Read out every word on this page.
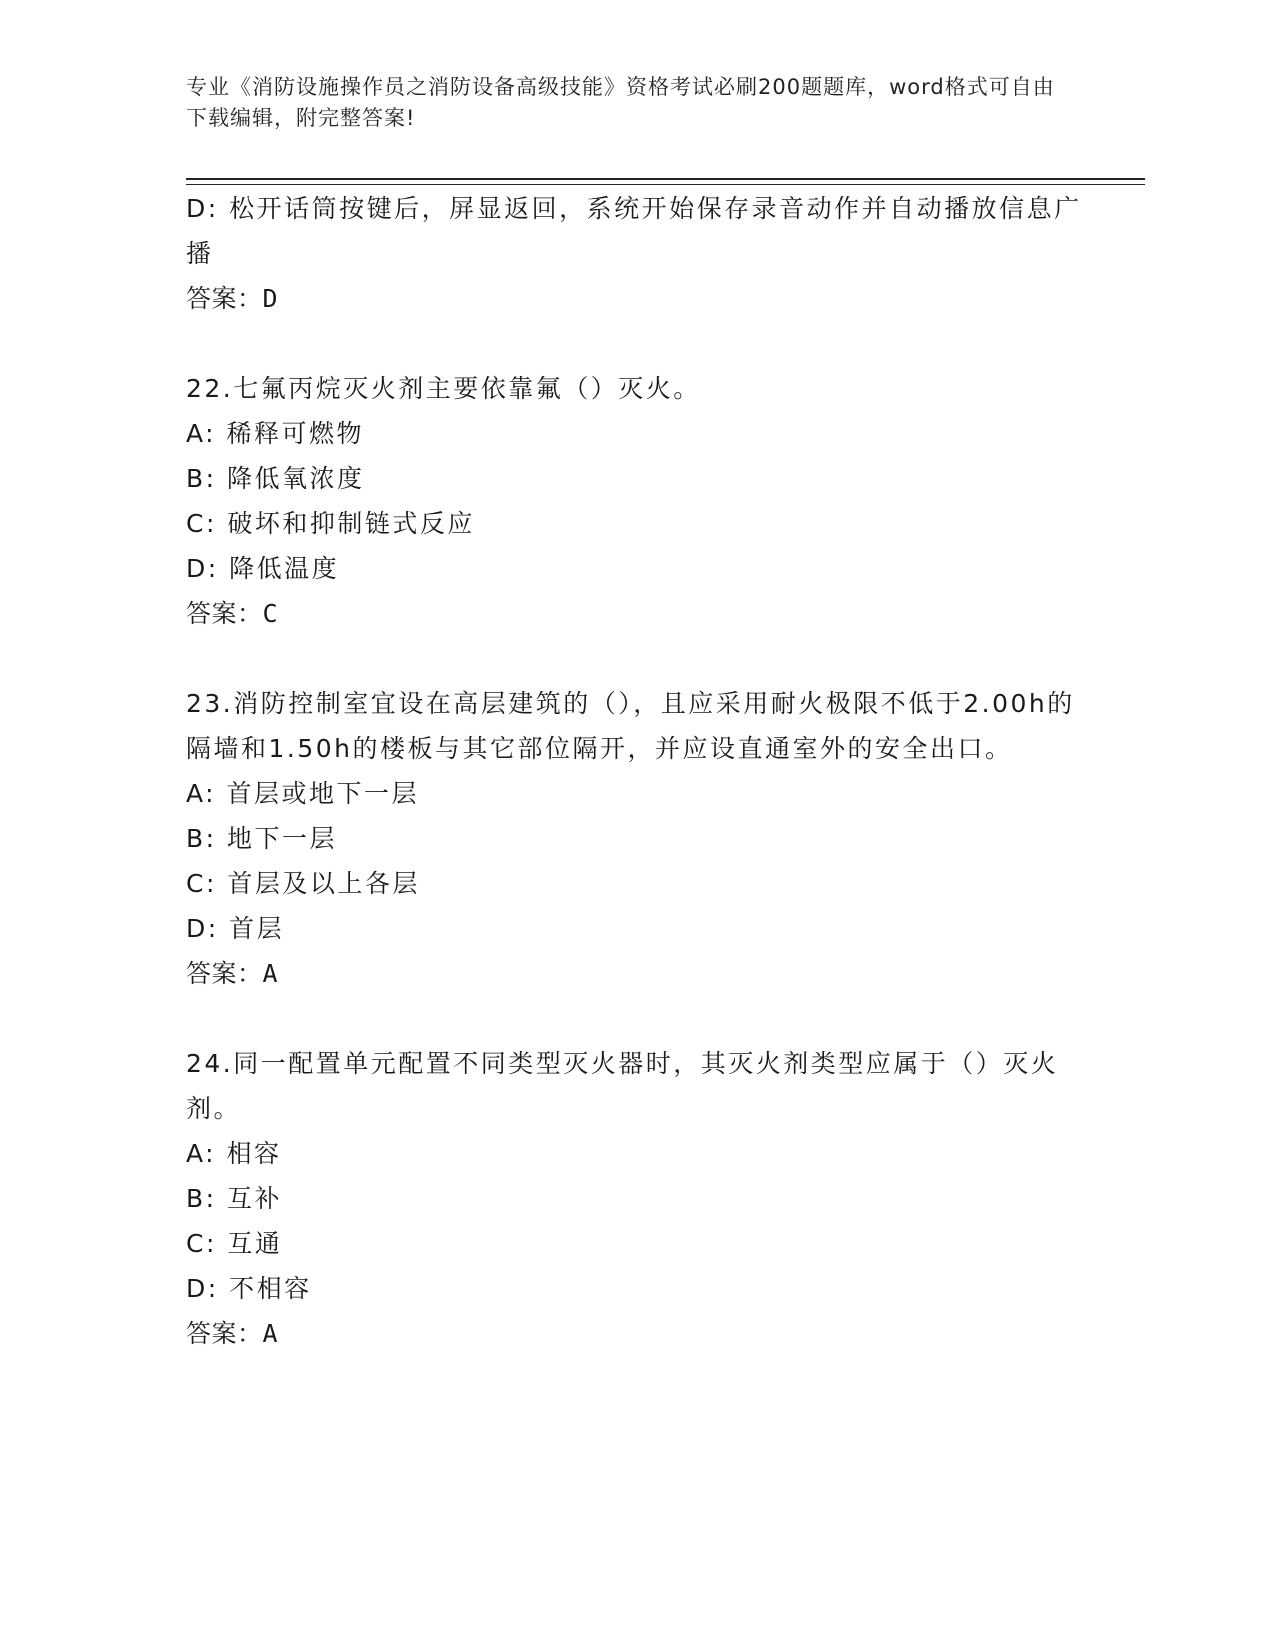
专业《消防设施操作员之消防设备高级技能》资格考试必刷200题题库，word格式可自由下载编辑，附完整答案!

D: 松开话筒按键后，屏显返回，系统开始保存录音动作并自动播放信息广播

答案：D

22.七氟丙烷灭火剂主要依靠氟（）灭火。

A: 稀释可燃物

B: 降低氧浓度

C: 破坏和抑制链式反应

D: 降低温度

答案：C

23.消防控制室宜设在高层建筑的（），且应采用耐火极限不低于2.00h的隔墙和1.50h的楼板与其它部位隔开，并应设直通室外的安全出口。

A: 首层或地下一层

B: 地下一层

C: 首层及以上各层

D: 首层

答案：A

24.同一配置单元配置不同类型灭火器时，其灭火剂类型应属于（）灭火剂。

A: 相容

B: 互补

C: 互通

D: 不相容

答案：A
